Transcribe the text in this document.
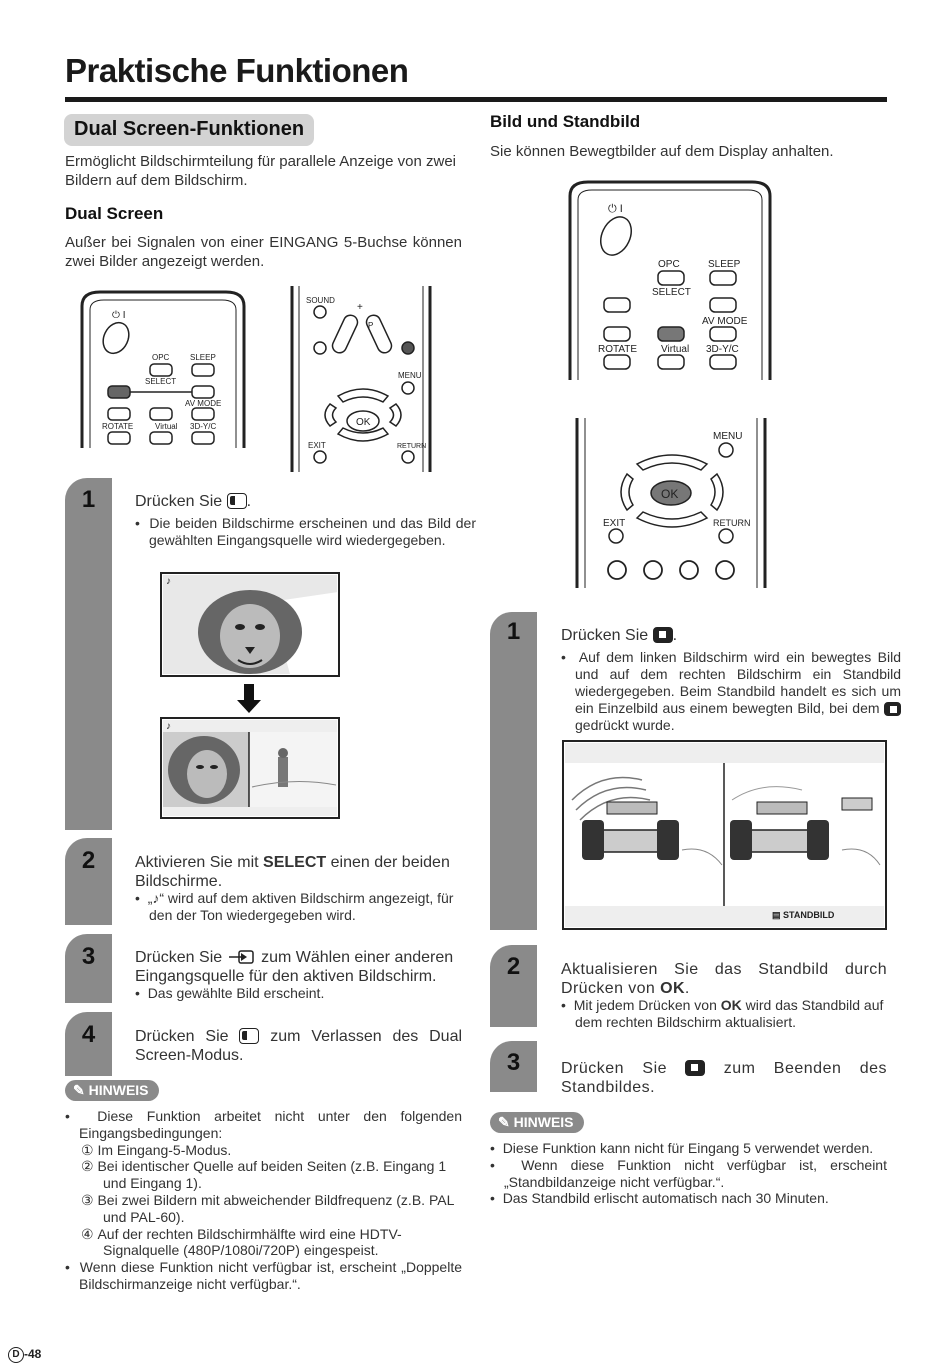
Praktische Funktionen
Dual Screen-Funktionen
Ermöglicht Bildschirmteilung für parallele Anzeige von zwei Bildern auf dem Bildschirm.
Dual Screen
Außer bei Signalen von einer EINGANG 5-Buchse können zwei Bilder angezeigt werden.
⏻ I
OPC	SLEEP
SELECT
AV MODE
ROTATE	Virtual 3D-Y/C
SOUND
+
P
MENU
OK
EXIT	RETURN
1
2
3
4
Drücken Sie .
•  Die beiden Bildschirme erscheinen und das Bild der gewählten Eingangsquelle wird wiedergegeben.
♪
♪
Aktivieren Sie mit SELECT einen der beiden Bildschirme.
•  „♪“ wird auf dem aktiven Bildschirm angezeigt, für den der Ton wiedergegeben wird.
Drücken Sie zum Wählen einer anderen Eingangsquelle für den aktiven Bildschirm.
•  Das gewählte Bild erscheint.
Drücken Sie	zum Verlassen des Dual Screen-Modus.
✎ HINWEIS
•  Diese Funktion arbeitet nicht unter den folgenden Eingangsbedingungen:
① Im Eingang-5-Modus.
② Bei identischer Quelle auf beiden Seiten (z.B. Eingang 1 und Eingang 1).
③ Bei zwei Bildern mit abweichender Bildfrequenz (z.B. PAL und PAL-60).
④ Auf der rechten Bildschirmhälfte wird eine HDTV-Signalquelle (480P/1080i/720P) eingespeist.
•  Wenn diese Funktion nicht verfügbar ist, erscheint „Doppelte Bildschirmanzeige nicht verfügbar.“.
Bild und Standbild
Sie können Bewegtbilder auf dem Display anhalten.
⏻ I
OPC	SLEEP
SELECT
AV MODE
ROTATE Virtual 3D-Y/C
MENU
OK
EXIT	RETURN
1
2
3
Drücken Sie .
•  Auf dem linken Bildschirm wird ein bewegtes Bild und auf dem rechten Bildschirm ein Standbild wiedergegeben. Beim Standbild handelt es sich um ein Einzelbild aus einem bewegten Bild, bei dem  gedrückt wurde.
▤ STANDBILD
Aktualisieren Sie das Standbild durch Drücken von OK.
•  Mit jedem Drücken von OK wird das Standbild auf dem rechten Bildschirm aktualisiert.
Drücken Sie	zum Beenden des Standbildes.
✎ HINWEIS
•  Diese Funktion kann nicht für Eingang 5 verwendet werden.
•  Wenn diese Funktion nicht verfügbar ist, erscheint „Standbildanzeige nicht verfügbar.“.
•  Das Standbild erlischt automatisch nach 30 Minuten.
D -48
